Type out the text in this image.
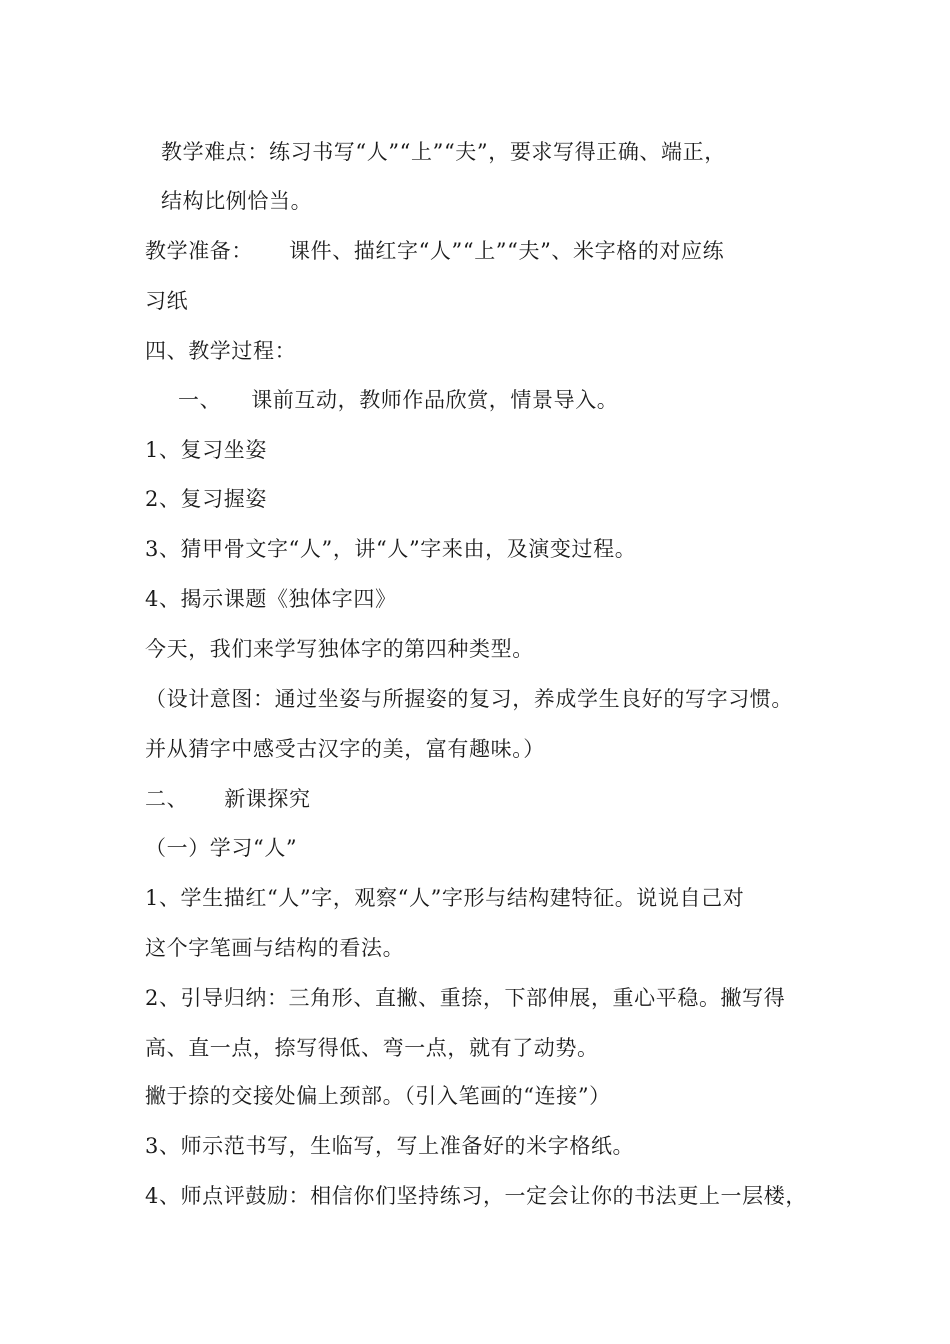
教学难点：练习书写“人”“上”“夫”，要求写得正确、端正，
结构比例恰当。
教学准备： 课件、描红字“人”“上”“夫”、米字格的对应练
习纸
四、教学过程：
一、 课前互动，教师作品欣赏，情景导入。
1、复习坐姿
2、复习握姿
3、猜甲骨文字“人”，讲“人”字来由，及演变过程。
4、揭示课题《独体字四》
今天，我们来学写独体字的第四种类型。
（设计意图：通过坐姿与所握姿的复习，养成学生良好的写字习惯。
并从猜字中感受古汉字的美，富有趣味。）
二、 新课探究
（一）学习“人”
1、学生描红“人”字，观察“人”字形与结构建特征。说说自己对
这个字笔画与结构的看法。
2、引导归纳：三角形、直撇、重捺，下部伸展，重心平稳。撇写得
高、直一点，捺写得低、弯一点，就有了动势。
撇于捺的交接处偏上颈部。（引入笔画的“连接”）
3、师示范书写，生临写，写上准备好的米字格纸。
4、师点评鼓励：相信你们坚持练习，一定会让你的书法更上一层楼，
